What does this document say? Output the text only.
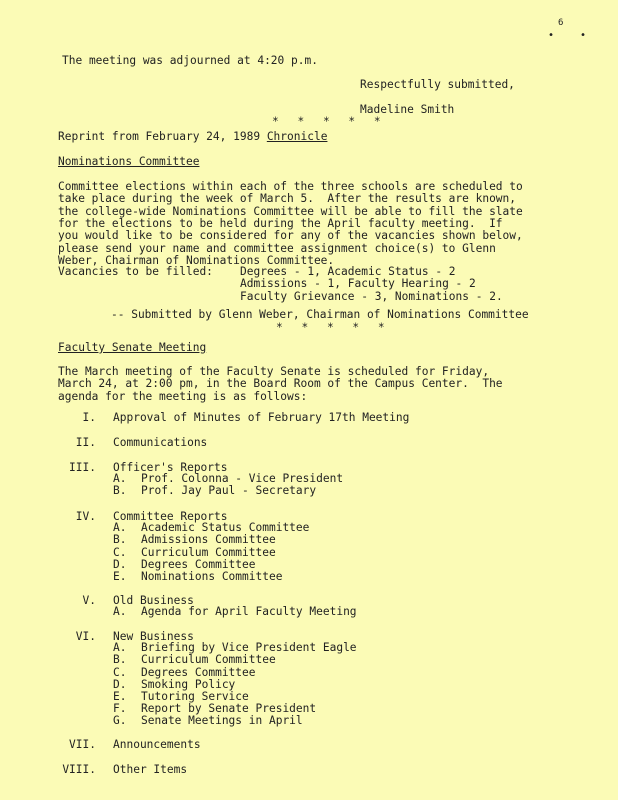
6
• •
The meeting was adjourned at 4:20 p.m.
Respectfully submitted,
Madeline Smith
* * * * *
Reprint from February 24, 1989 Chronicle
Nominations Committee
Committee elections within each of the three schools are scheduled to
take place during the week of March 5.  After the results are known,
the college-wide Nominations Committee will be able to fill the slate
for the elections to be held during the April faculty meeting.  If
you would like to be considered for any of the vacancies shown below,
please send your name and committee assignment choice(s) to Glenn
Weber, Chairman of Nominations Committee.
Vacancies to be filled: Degrees - 1, Academic Status - 2
Admissions - 1, Faculty Hearing - 2
Faculty Grievance - 3, Nominations - 2.
-- Submitted by Glenn Weber, Chairman of Nominations Committee
* * * * *
Faculty Senate Meeting
The March meeting of the Faculty Senate is scheduled for Friday,
March 24, at 2:00 pm, in the Board Room of the Campus Center.  The
agenda for the meeting is as follows:
I. Approval of Minutes of February 17th Meeting
II. Communications
III. Officer's Reports
A. Prof. Colonna - Vice President
B. Prof. Jay Paul - Secretary
IV. Committee Reports
A. Academic Status Committee
B. Admissions Committee
C. Curriculum Committee
D. Degrees Committee
E. Nominations Committee
V. Old Business
A. Agenda for April Faculty Meeting
VI. New Business
A. Briefing by Vice President Eagle
B. Curriculum Committee
C. Degrees Committee
D. Smoking Policy
E. Tutoring Service
F. Report by Senate President
G. Senate Meetings in April
VII. Announcements
VIII. Other Items
